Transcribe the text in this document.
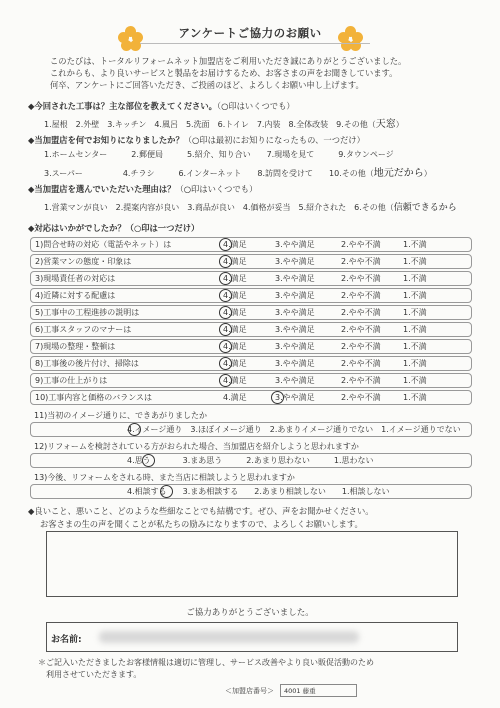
アンケートご協力のお願い
このたびは、トータルリフォームネット加盟店をご利用いただき誠にありがとうございました。
これからも、より良いサービスと製品をお届けするため、お客さまの声をお聞きしています。
何卒、アンケートにご回答いただき、ご投函のほど、よろしくお願い申し上げます。
◆今回された工事は？主な部位を教えてください。（○印はいくつでも）
1.屋根　2.外壁　3.キッチン　4.風呂　5.洗面　6.トイレ　7.内装　8.全体改装　9.その他（天窓）
◆当加盟店を何でお知りになりましたか？（○印は最初にお知りになったもの、一つだけ）
1.ホームセンター　　　2.郵便局　　　5.紹介、知り合い　　7.現場を見て　　　9.タウンページ
3.スーパー　　　　　4.チラシ　　　6.インターネット　　8.訪問を受けて　　10.その他（地元だから）
◆当加盟店を選んでいただいた理由は？（○印はいくつでも）
1.営業マンが良い　2.提案内容が良い　3.商品が良い　4.価格が妥当　5.紹介された　6.その他（信頼できるから
◆対応はいかがでしたか？（○印は一つだけ）
1)問合せ時の対応（電話やネット）は	4.満足	3.やや満足	2.やや不満	1.不満
2)営業マンの態度・印象は	4.満足	3.やや満足	2.やや不満	1.不満
3)現場責任者の対応は	4.満足	3.やや満足	2.やや不満	1.不満
4)近隣に対する配慮は	4.満足	3.やや満足	2.やや不満	1.不満
5)工事中の工程進捗の説明は	4.満足	3.やや満足	2.やや不満	1.不満
6)工事スタッフのマナーは	4.満足	3.やや満足	2.やや不満	1.不満
7)現場の整理・整頓は	4.満足	3.やや満足	2.やや不満	1.不満
8)工事後の後片付け、掃除は	4.満足	3.やや満足	2.やや不満	1.不満
9)工事の仕上がりは	4.満足	3.やや満足	2.やや不満	1.不満
10)工事内容と価格のバランスは	4.満足	3.やや満足	2.やや不満	1.不満
11)当初のイメージ通りに、できあがりましたか
4.イメージ通り　3.ほぼイメージ通り　2.あまりイメージ通りでない　1.イメージ通りでない
12)リフォームを検討されている方がおられた場合、当加盟店を紹介しようと思われますか
4.思う　　　　3.まあ思う　　　2.あまり思わない　　　1.思わない
13)今後、リフォームをされる時、また当店に相談しようと思われますか
4.相談する　　3.まあ相談する　　2.あまり相談しない　　1.相談しない
◆良いこと、悪いこと、どのような些細なことでも結構です。ぜひ、声をお聞かせください。
お客さまの生の声を聞くことが私たちの励みになりますので、よろしくお願いします。
ご協力ありがとうございました。
お名前:
＊ご記入いただきましたお客様情報は適切に管理し、サービス改善やより良い販促活動のため
利用させていただきます。
＜加盟店番号＞ 4001 藤重
